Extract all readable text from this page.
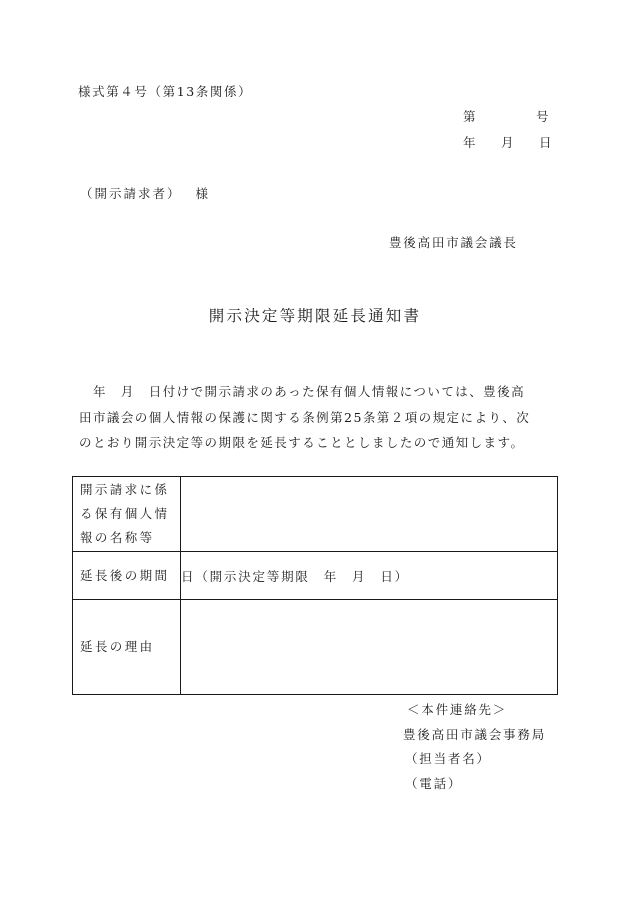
様式第４号（第13条関係）
第	号
年 月 日
（開示請求者） 様
豊後高田市議会議長
開示決定等期限延長通知書
　年　月　日付けで開示請求のあった保有個人情報については、豊後高
田市議会の個人情報の保護に関する条例第25条第２項の規定により、次
のとおり開示決定等の期限を延長することとしましたので通知します。
開示請求に係
る保有個人情
報の名称等	

延長後の期間	日（開示決定等期限 年 月 日）
延長の理由	
＜本件連絡先＞
豊後高田市議会事務局
（担当者名）
（電話）
